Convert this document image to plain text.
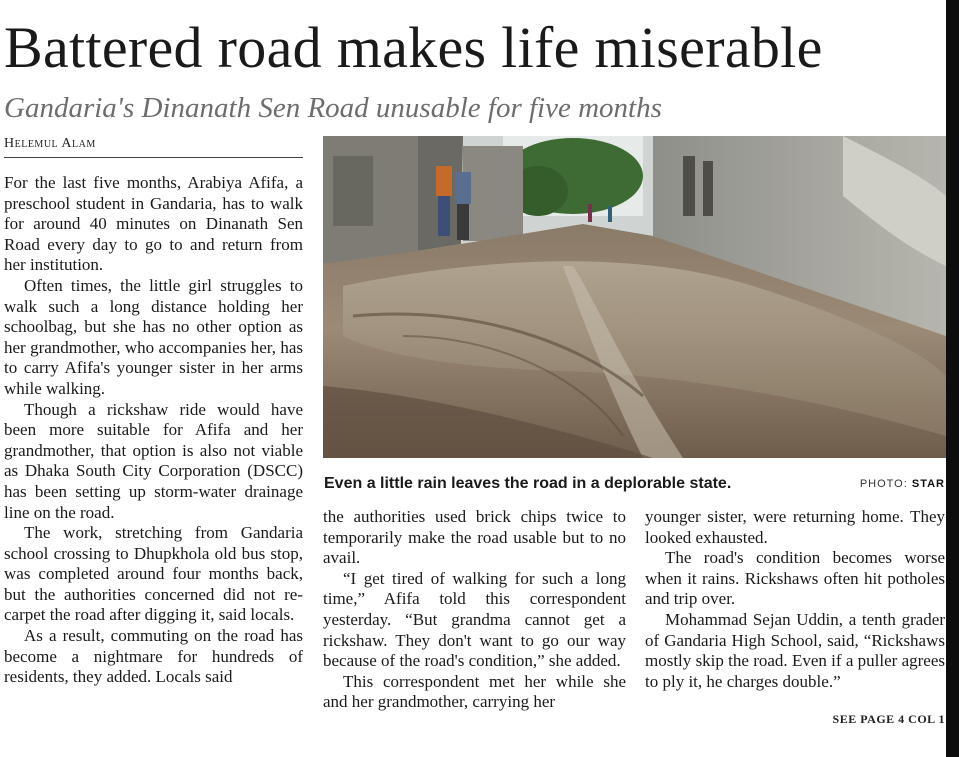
Battered road makes life miserable
Gandaria's Dinanath Sen Road unusable for five months
Helemul Alam

For the last five months, Arabiya Afifa, a preschool student in Gandaria, has to walk for around 40 minutes on Dinanath Sen Road every day to go to and return from her institution.

Often times, the little girl struggles to walk such a long distance holding her schoolbag, but she has no other option as her grandmother, who accompanies her, has to carry Afifa's younger sister in her arms while walking.

Though a rickshaw ride would have been more suitable for Afifa and her grandmother, that option is also not viable as Dhaka South City Corporation (DSCC) has been setting up storm-water drainage line on the road.

The work, stretching from Gandaria school crossing to Dhupkhola old bus stop, was completed around four months back, but the authorities concerned did not re-carpet the road after digging it, said locals.

As a result, commuting on the road has become a nightmare for hundreds of residents, they added. Locals said

Even a little rain leaves the road in a deplorable state.	PHOTO: STAR

the authorities used brick chips twice to temporarily make the road usable but to no avail.

“I get tired of walking for such a long time,” Afifa told this correspondent yesterday. “But grandma cannot get a rickshaw. They don't want to go our way because of the road's condition,” she added.

This correspondent met her while she and her grandmother, carrying her

younger sister, were returning home. They looked exhausted.

The road's condition becomes worse when it rains. Rickshaws often hit potholes and trip over.

Mohammad Sejan Uddin, a tenth grader of Gandaria High School, said, “Rickshaws mostly skip the road. Even if a puller agrees to ply it, he charges double.”

SEE PAGE 4 COL 1
